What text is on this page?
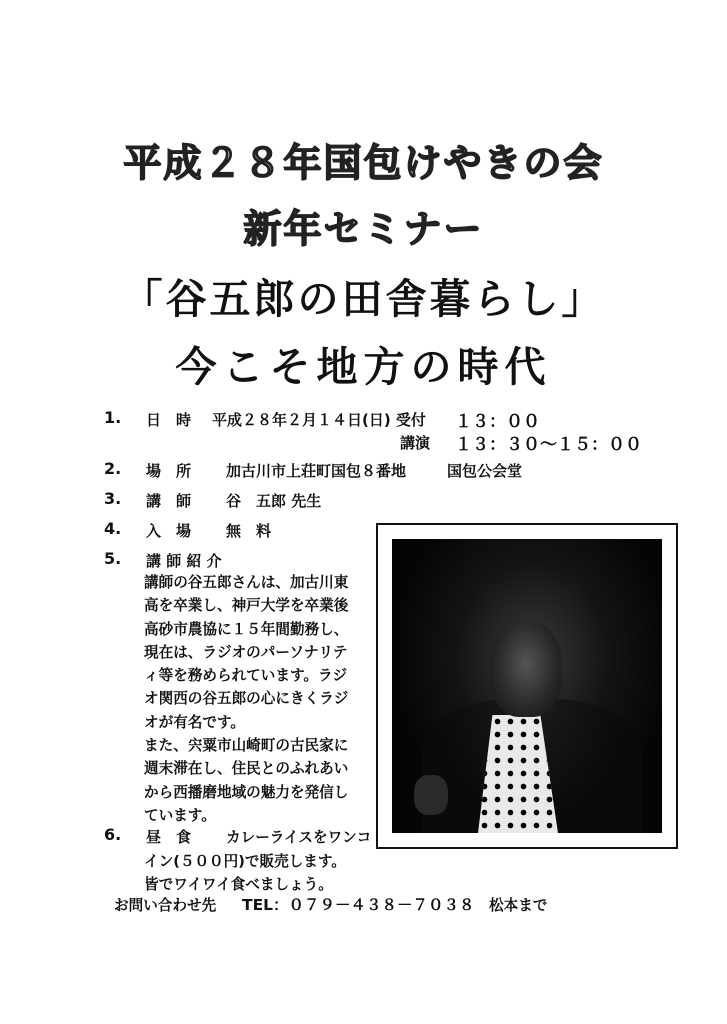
平成２８年国包けやきの会
新年セミナー
「谷五郎の田舎暮らし」
今こそ地方の時代
1. 日　時 平成２８年２月１４日(日) 受付 １３：００
講演 １３：３０～１５：００
2. 場　所 加古川市上荘町国包８番地	国包公会堂
3. 講　師 谷　五郎 先生
4. 入　場 無　料
5. 講 師 紹 介
講師の谷五郎さんは、加古川東
高を卒業し、神戸大学を卒業後
高砂市農協に１５年間勤務し、
現在は、ラジオのパーソナリテ
ィ等を務められています。ラジ
オ関西の谷五郎の心にきくラジ
オが有名です。
また、宍粟市山崎町の古民家に
週末滞在し、住民とのふれあい
から西播磨地域の魅力を発信し
ています。
6. 昼　食 カレーライスをワンコ
イン(５００円)で販売します。
皆でワイワイ食べましょう。
お問い合わせ先 TEL：０７９－４３８－７０３８ 松本まで
